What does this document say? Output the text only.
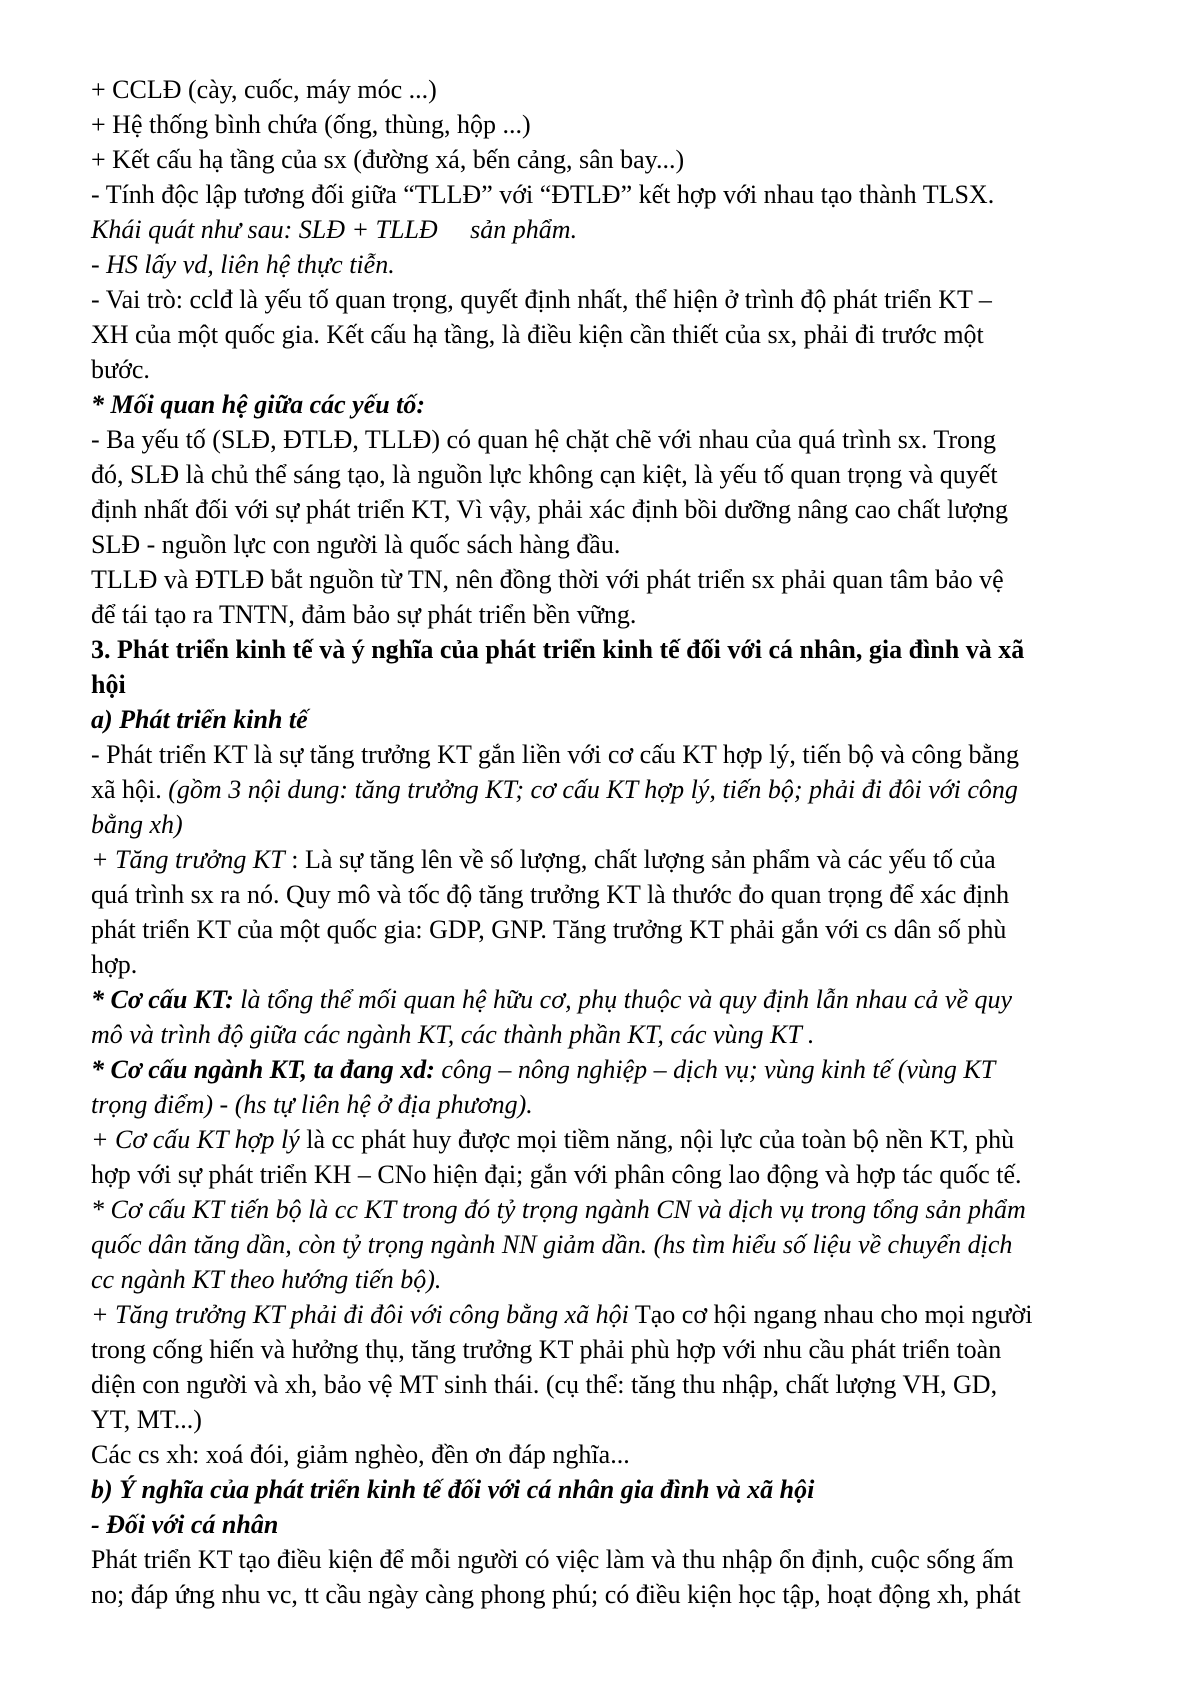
+ CCLĐ (cày, cuốc, máy móc ...)
+ Hệ thống bình chứa (ống, thùng, hộp ...)
+ Kết cấu hạ tầng của sx (đường xá, bến cảng, sân bay...)
- Tính độc lập tương đối giữa “TLLĐ” với “ĐTLĐ” kết hợp với nhau tạo thành TLSX.
Khái quát như sau: SLĐ + TLLĐ     sản phẩm.
- HS lấy vd, liên hệ thực tiễn.
- Vai trò: cclđ là yếu tố quan trọng, quyết định nhất, thể hiện ở trình độ phát triển KT –
XH của một quốc gia. Kết cấu hạ tầng, là điều kiện cần thiết của sx, phải đi trước một
bước.
* Mối quan hệ giữa các yếu tố:
- Ba yếu tố (SLĐ, ĐTLĐ, TLLĐ) có quan hệ chặt chẽ với nhau của quá trình sx. Trong
đó, SLĐ là chủ thể sáng tạo, là nguồn lực không cạn kiệt, là yếu tố quan trọng và quyết
định nhất đối với sự phát triển KT, Vì vậy, phải xác định bồi dưỡng nâng cao chất lượng
SLĐ - nguồn lực con người là quốc sách hàng đầu.
TLLĐ và ĐTLĐ bắt nguồn từ TN, nên đồng thời với phát triển sx phải quan tâm bảo vệ
để tái tạo ra TNTN, đảm bảo sự phát triển bền vững.
3. Phát triển kinh tế và ý nghĩa của phát triển kinh tế đối với cá nhân, gia đình và xã
hội
a) Phát triển kinh tế
- Phát triển KT là sự tăng trưởng KT gắn liền với cơ cấu KT hợp lý, tiến bộ và công bằng
xã hội. (gồm 3 nội dung: tăng trưởng KT; cơ cấu KT hợp lý, tiến bộ; phải đi đôi với công
bằng xh)
+ Tăng trưởng KT : Là sự tăng lên về số lượng, chất lượng sản phẩm và các yếu tố của
quá trình sx ra nó. Quy mô và tốc độ tăng trưởng KT là thước đo quan trọng để xác định
phát triển KT của một quốc gia: GDP, GNP. Tăng trưởng KT phải gắn với cs dân số phù
hợp.
* Cơ cấu KT: là tổng thể mối quan hệ hữu cơ, phụ thuộc và quy định lẫn nhau cả về quy
mô và trình độ giữa các ngành KT, các thành phần KT, các vùng KT .
* Cơ cấu ngành KT, ta đang xd: công – nông nghiệp – dịch vụ; vùng kinh tế (vùng KT
trọng điểm) - (hs tự liên hệ ở địa phương).
+ Cơ cấu KT hợp lý là cc phát huy được mọi tiềm năng, nội lực của toàn bộ nền KT, phù
hợp với sự phát triển KH – CNo hiện đại; gắn với phân công lao động và hợp tác quốc tế.
* Cơ cấu KT tiến bộ là cc KT trong đó tỷ trọng ngành CN và dịch vụ trong tổng sản phẩm
quốc dân tăng dần, còn tỷ trọng ngành NN giảm dần. (hs tìm hiểu số liệu về chuyển dịch
cc ngành KT theo hướng tiến bộ).
+ Tăng trưởng KT phải đi đôi với công bằng xã hội Tạo cơ hội ngang nhau cho mọi người
trong cống hiến và hưởng thụ, tăng trưởng KT phải phù hợp với nhu cầu phát triển toàn
diện con người và xh, bảo vệ MT sinh thái. (cụ thể: tăng thu nhập, chất lượng VH, GD,
YT, MT...)
Các cs xh: xoá đói, giảm nghèo, đền ơn đáp nghĩa...
b) Ý nghĩa của phát triển kinh tế đối với cá nhân gia đình và xã hội
- Đối với cá nhân
Phát triển KT tạo điều kiện để mỗi người có việc làm và thu nhập ổn định, cuộc sống ấm
no; đáp ứng nhu vc, tt cầu ngày càng phong phú; có điều kiện học tập, hoạt động xh, phát
